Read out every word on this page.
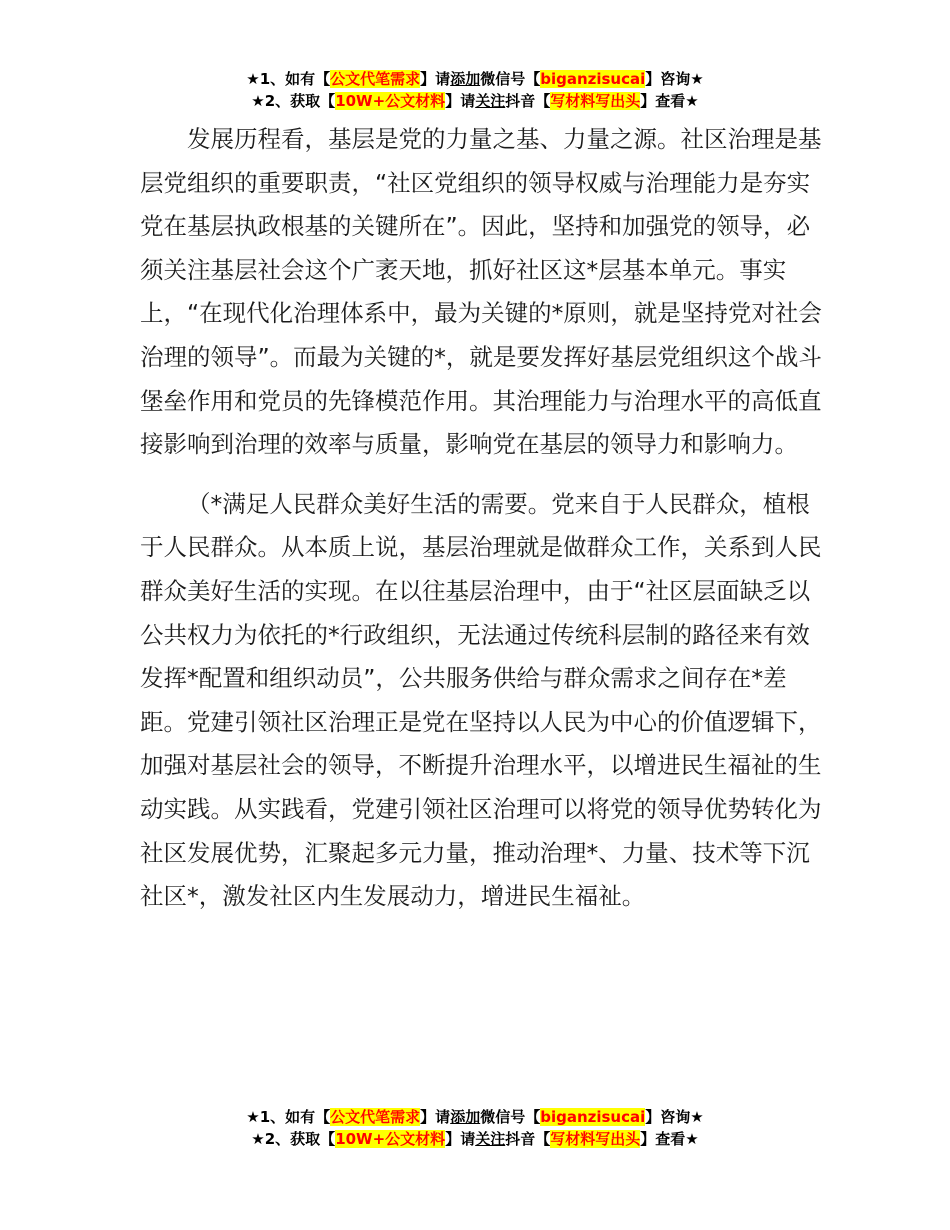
★1、如有【公文代笔需求】请添加微信号【biganzisucai】咨询★
★2、获取【10W+公文材料】请关注抖音【写材料写出头】查看★

发展历程看，基层是党的力量之基、力量之源。社区治理是基层党组织的重要职责，“社区党组织的领导权威与治理能力是夯实党在基层执政根基的关键所在”。因此，坚持和加强党的领导，必须关注基层社会这个广袤天地，抓好社区这*层基本单元。事实上，“在现代化治理体系中，最为关键的*原则，就是坚持党对社会治理的领导”。而最为关键的*，就是要发挥好基层党组织这个战斗堡垒作用和党员的先锋模范作用。其治理能力与治理水平的高低直接影响到治理的效率与质量，影响党在基层的领导力和影响力。

（*满足人民群众美好生活的需要。党来自于人民群众，植根于人民群众。从本质上说，基层治理就是做群众工作，关系到人民群众美好生活的实现。在以往基层治理中，由于“社区层面缺乏以公共权力为依托的*行政组织，无法通过传统科层制的路径来有效发挥*配置和组织动员”，公共服务供给与群众需求之间存在*差距。党建引领社区治理正是党在坚持以人民为中心的价值逻辑下，加强对基层社会的领导，不断提升治理水平，以增进民生福祉的生动实践。从实践看，党建引领社区治理可以将党的领导优势转化为社区发展优势，汇聚起多元力量，推动治理*、力量、技术等下沉社区*，激发社区内生发展动力，增进民生福祉。

★1、如有【公文代笔需求】请添加微信号【biganzisucai】咨询★
★2、获取【10W+公文材料】请关注抖音【写材料写出头】查看★
